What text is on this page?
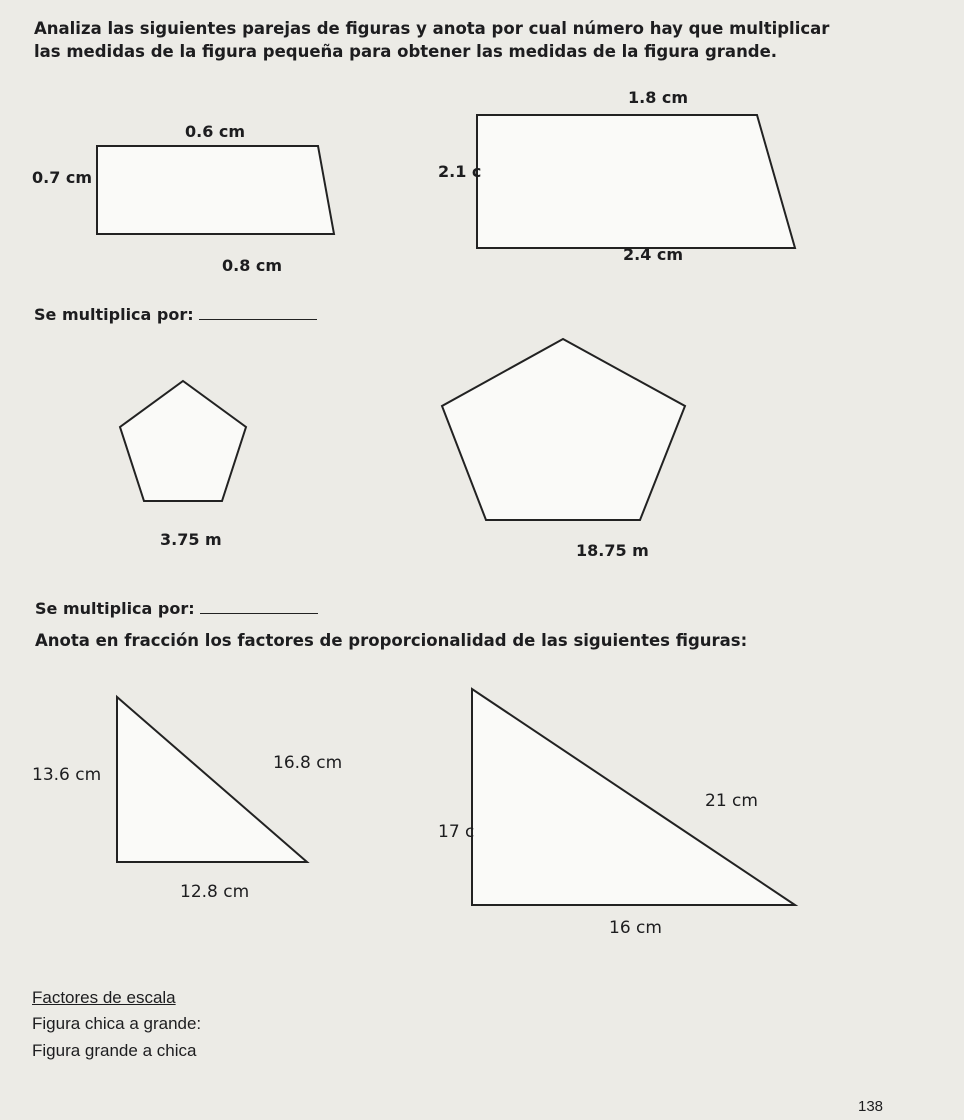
Analiza las siguientes parejas de figuras y anota por cual número hay que multiplicar
las medidas de la figura pequeña para obtener las medidas de la figura grande.
0.6 cm
0.7 cm
0.8 cm
1.8 cm
2.1 c
2.4 cm
Se multiplica por:
3.75 m
18.75 m
Se multiplica por:
Anota en fracción los factores de proporcionalidad de las siguientes figuras:
13.6 cm
16.8 cm
12.8 cm
17 c
21 cm
16 cm
Factores de escala
Figura chica a grande:
Figura grande a chica
138
